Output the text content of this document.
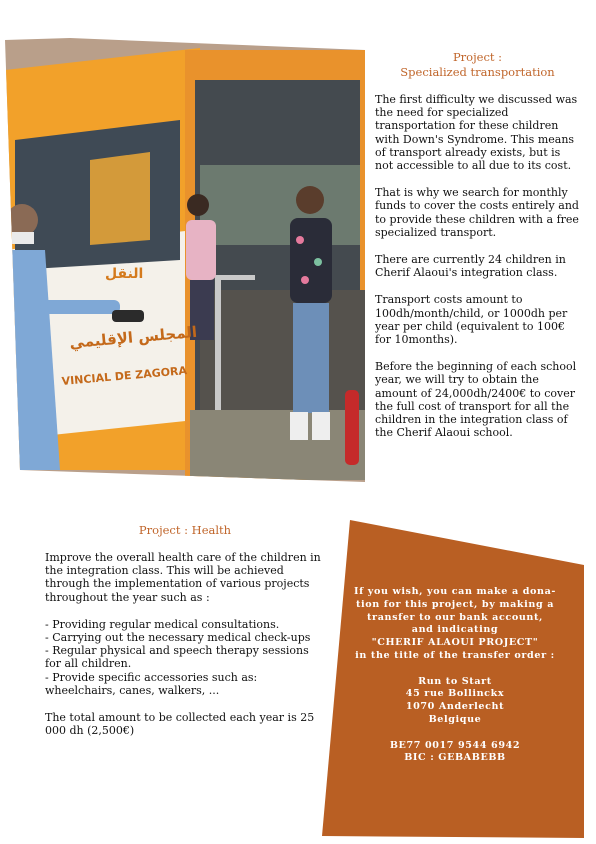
النقل
المجلس الإقليمي
VINCIAL DE ZAGORA
Project :
Specialized transportation

The first difficulty we discussed was the need for specialized transportation for these children with Down's Syndrome. This means of transport already exists, but is not accessible to all due to its cost.

That is why we search for monthly funds to cover the costs entirely and to provide these children with a free specialized transport.

There are currently 24 children in Cherif Alaoui's integration class.

Transport costs amount to 100dh/month/child, or 1000dh per year per child (equivalent to 100€ for 10months).

Before the beginning of each school year, we will try to obtain the amount of 24,000dh/2400€ to cover the full cost of transport for all the children in the integration class of the Cherif Alaoui school.

Project : Health

Improve the overall health care of the children in the integration class. This will be achieved through the implementation of various projects throughout the year such as :

- Providing regular medical consultations.

- Carrying out the necessary medical check-ups

- Regular physical and speech therapy sessions for all children.

- Provide specific accessories such as: wheelchairs, canes, walkers, ...

The total amount to be collected each year is 25 000 dh (2,500€)

If you wish, you can make a dona-
tion for this project, by making a
transfer to our bank account,
and indicating
"CHERIF ALAOUI PROJECT"
in the title of the transfer order :
Run to Start
45 rue Bollinckx
1070 Anderlecht
Belgique
BE77 0017 9544 6942
BIC : GEBABEBB
